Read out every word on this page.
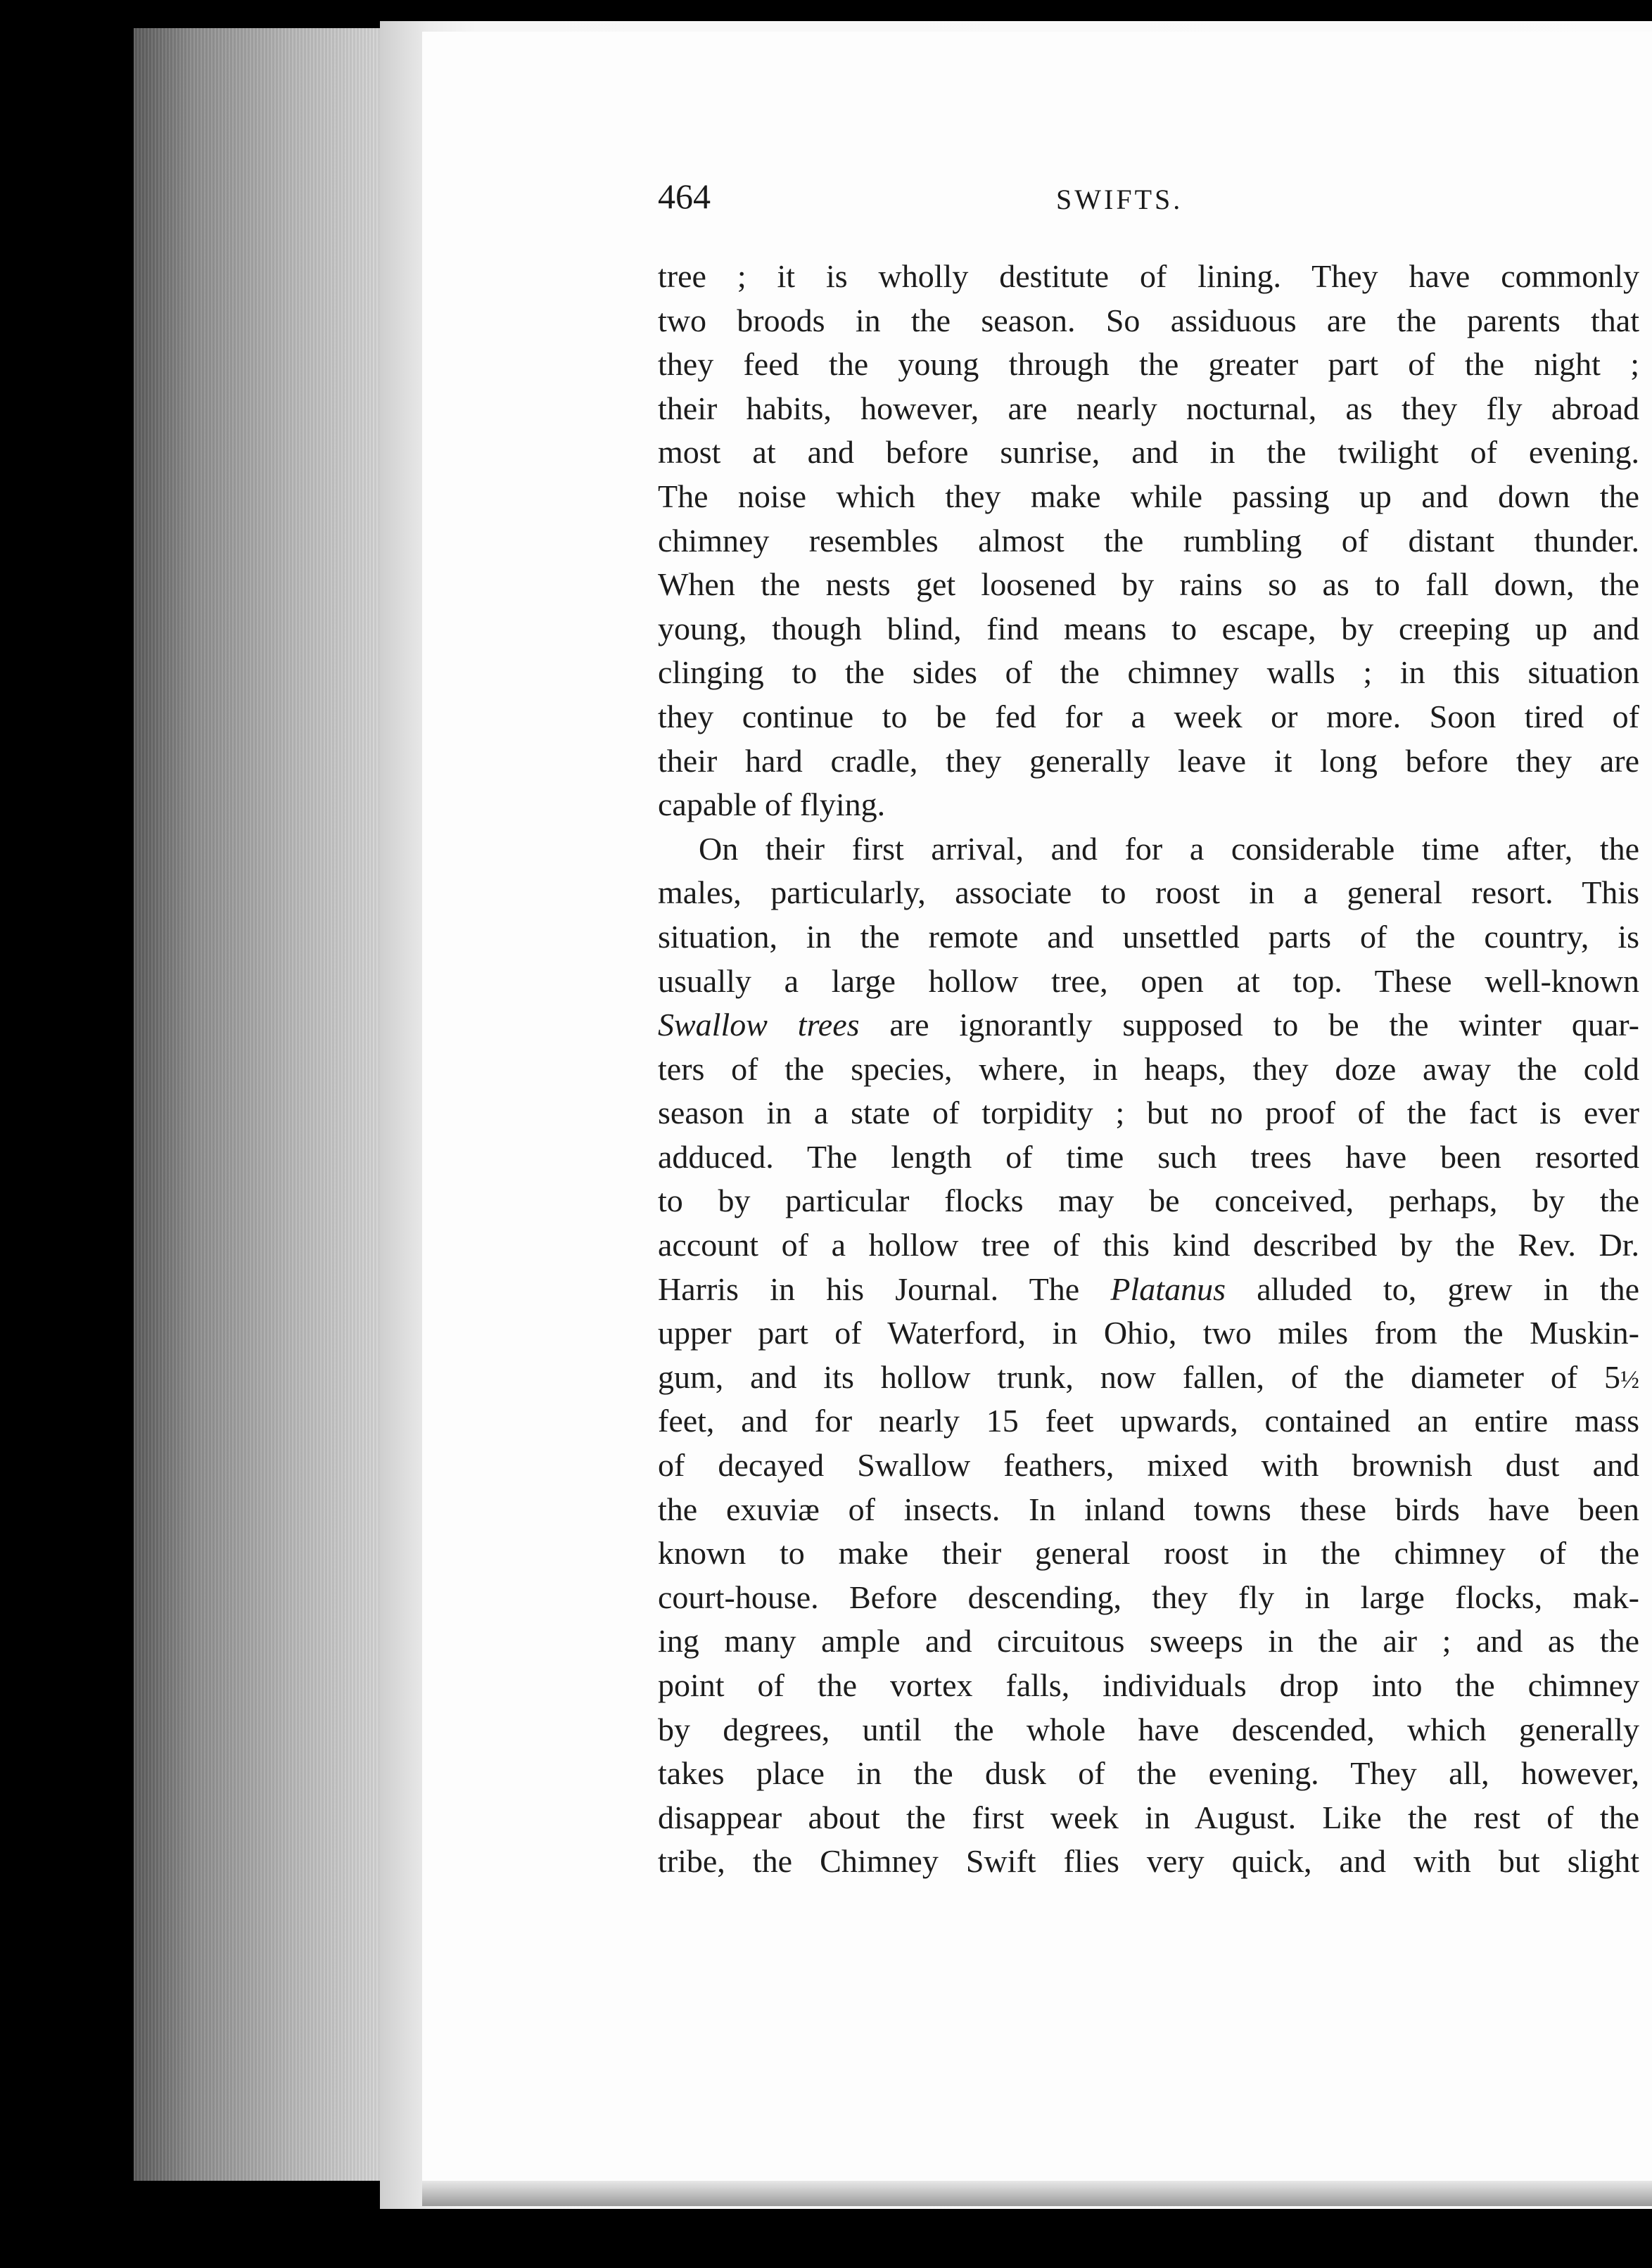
464	SWIFTS.
tree ; it is wholly destitute of lining. They have commonly
two broods in the season. So assiduous are the parents that
they feed the young through the greater part of the night ;
their habits, however, are nearly nocturnal, as they fly abroad
most at and before sunrise, and in the twilight of evening.
The noise which they make while passing up and down the
chimney resembles almost the rumbling of distant thunder.
When the nests get loosened by rains so as to fall down, the
young, though blind, find means to escape, by creeping up and
clinging to the sides of the chimney walls ; in this situation
they continue to be fed for a week or more. Soon tired of
their hard cradle, they generally leave it long before they are
capable of flying.
On their first arrival, and for a considerable time after, the
males, particularly, associate to roost in a general resort. This
situation, in the remote and unsettled parts of the country, is
usually a large hollow tree, open at top. These well-known
Swallow trees are ignorantly supposed to be the winter quar-
ters of the species, where, in heaps, they doze away the cold
season in a state of torpidity ; but no proof of the fact is ever
adduced. The length of time such trees have been resorted
to by particular flocks may be conceived, perhaps, by the
account of a hollow tree of this kind described by the Rev. Dr.
Harris in his Journal. The Platanus alluded to, grew in the
upper part of Waterford, in Ohio, two miles from the Muskin-
gum, and its hollow trunk, now fallen, of the diameter of 5½
feet, and for nearly 15 feet upwards, contained an entire mass
of decayed Swallow feathers, mixed with brownish dust and
the exuviæ of insects. In inland towns these birds have been
known to make their general roost in the chimney of the
court-house. Before descending, they fly in large flocks, mak-
ing many ample and circuitous sweeps in the air ; and as the
point of the vortex falls, individuals drop into the chimney
by degrees, until the whole have descended, which generally
takes place in the dusk of the evening. They all, however,
disappear about the first week in August. Like the rest of the
tribe, the Chimney Swift flies very quick, and with but slight
